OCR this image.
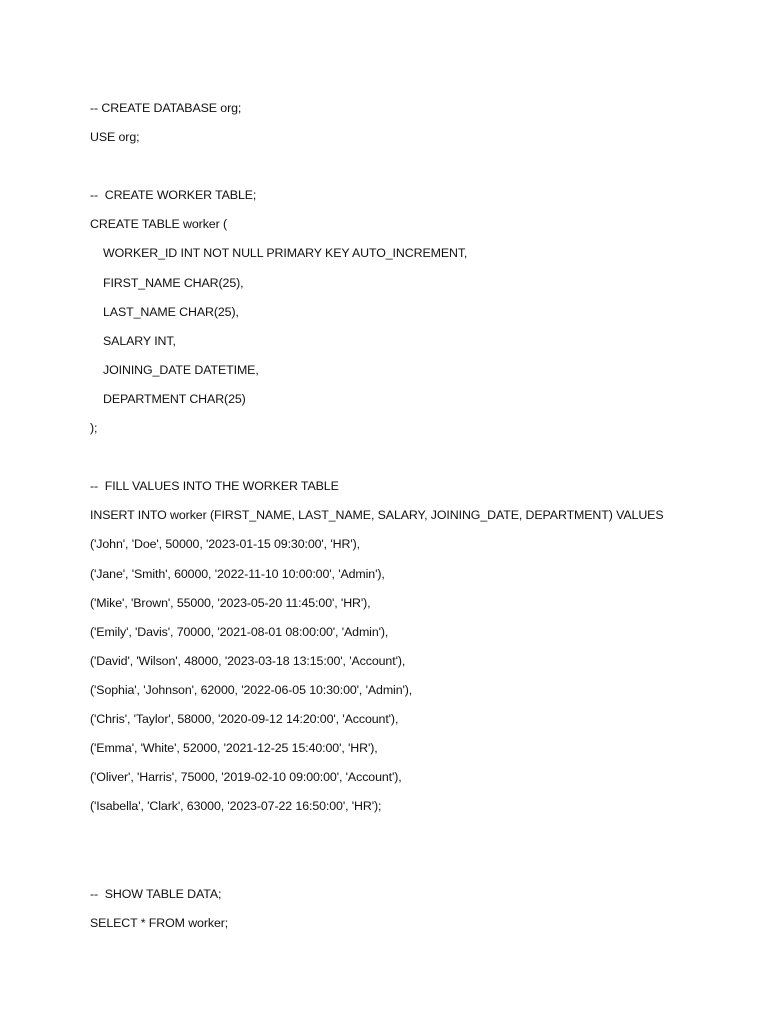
-- CREATE DATABASE org;
USE org;
--  CREATE WORKER TABLE;
CREATE TABLE worker (
WORKER_ID INT NOT NULL PRIMARY KEY AUTO_INCREMENT,
FIRST_NAME CHAR(25),
LAST_NAME CHAR(25),
SALARY INT,
JOINING_DATE DATETIME,
DEPARTMENT CHAR(25)
);
--  FILL VALUES INTO THE WORKER TABLE
INSERT INTO worker (FIRST_NAME, LAST_NAME, SALARY, JOINING_DATE, DEPARTMENT) VALUES
('John', 'Doe', 50000, '2023-01-15 09:30:00', 'HR'),
('Jane', 'Smith', 60000, '2022-11-10 10:00:00', 'Admin'),
('Mike', 'Brown', 55000, '2023-05-20 11:45:00', 'HR'),
('Emily', 'Davis', 70000, '2021-08-01 08:00:00', 'Admin'),
('David', 'Wilson', 48000, '2023-03-18 13:15:00', 'Account'),
('Sophia', 'Johnson', 62000, '2022-06-05 10:30:00', 'Admin'),
('Chris', 'Taylor', 58000, '2020-09-12 14:20:00', 'Account'),
('Emma', 'White', 52000, '2021-12-25 15:40:00', 'HR'),
('Oliver', 'Harris', 75000, '2019-02-10 09:00:00', 'Account'),
('Isabella', 'Clark', 63000, '2023-07-22 16:50:00', 'HR');
--  SHOW TABLE DATA;
SELECT * FROM worker;
